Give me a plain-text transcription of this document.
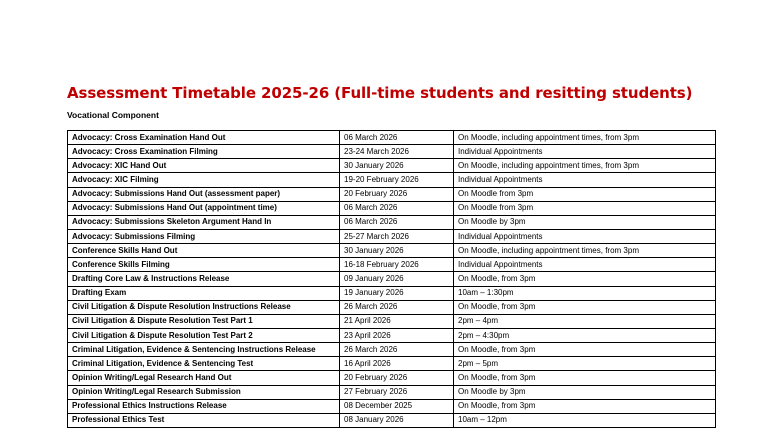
Assessment Timetable 2025-26 (Full-time students and resitting students)
Vocational Component
Advocacy: Cross Examination Hand Out	06 March 2026	On Moodle, including appointment times, from 3pm
Advocacy: Cross Examination Filming	23-24 March 2026	Individual Appointments
Advocacy: XIC Hand Out	30 January 2026	On Moodle, including appointment times, from 3pm
Advocacy: XIC Filming	19-20 February 2026	Individual Appointments
Advocacy: Submissions Hand Out (assessment paper)	20 February 2026	On Moodle from 3pm
Advocacy: Submissions Hand Out (appointment time)	06 March 2026	On Moodle from 3pm
Advocacy: Submissions Skeleton Argument Hand In	06 March 2026	On Moodle by 3pm
Advocacy: Submissions Filming	25-27 March 2026	Individual Appointments
Conference Skills Hand Out	30 January 2026	On Moodle, including appointment times, from 3pm
Conference Skills Filming	16-18 February 2026	Individual Appointments
Drafting Core Law & Instructions Release	09 January 2026	On Moodle, from 3pm
Drafting Exam	19 January 2026	10am – 1:30pm
Civil Litigation & Dispute Resolution Instructions Release	26 March 2026	On Moodle, from 3pm
Civil Litigation & Dispute Resolution Test Part 1	21 April 2026	2pm – 4pm
Civil Litigation & Dispute Resolution Test Part 2	23 April 2026	2pm – 4:30pm
Criminal Litigation, Evidence & Sentencing Instructions Release	26 March 2026	On Moodle, from 3pm
Criminal Litigation, Evidence & Sentencing Test	16 April 2026	2pm – 5pm
Opinion Writing/Legal Research Hand Out	20 February 2026	On Moodle, from 3pm
Opinion Writing/Legal Research Submission	27 February 2026	On Moodle by 3pm
Professional Ethics Instructions Release	08 December 2025	On Moodle, from 3pm
Professional Ethics Test	08 January 2026	10am – 12pm
